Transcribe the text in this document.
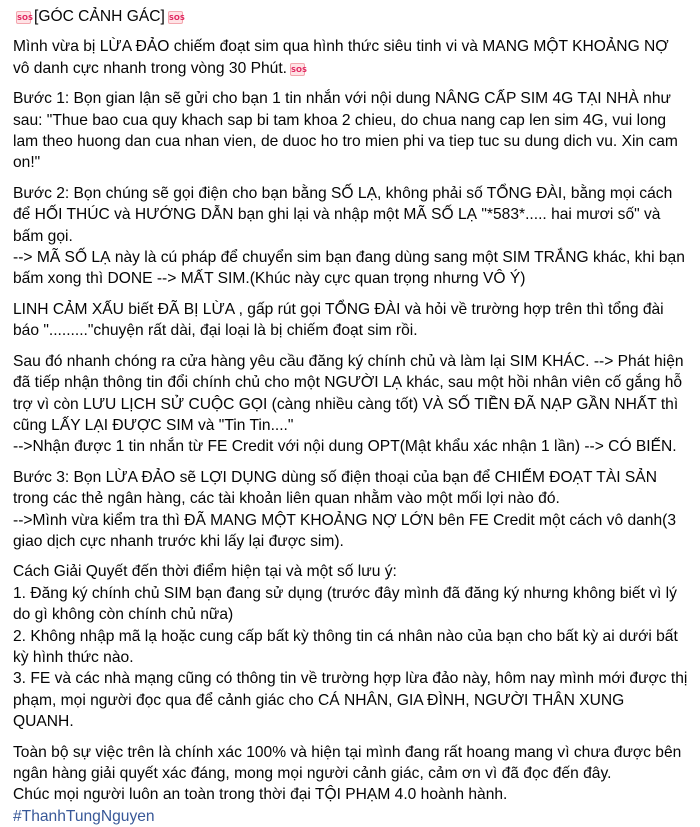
SOS[GÓC CẢNH GÁC] SOS

Mình vừa bị LỪA ĐẢO chiếm đoạt sim qua hình thức siêu tinh vi và MANG MỘT KHOẢNG NỢ vô danh cực nhanh trong vòng 30 Phút. SOS

Bước 1: Bọn gian lận sẽ gửi cho bạn 1 tin nhắn với nội dung NÂNG CẤP SIM 4G TẠI NHÀ như sau: "Thue bao cua quy khach sap bi tam khoa 2 chieu, do chua nang cap len sim 4G, vui long lam theo huong dan cua nhan vien, de duoc ho tro mien phi va tiep tuc su dung dich vu. Xin cam on!"

Bước 2: Bọn chúng sẽ gọi điện cho bạn bằng SỐ LẠ, không phải số TỔNG ĐÀI, bằng mọi cách để HỐI THÚC và HƯỚNG DẪN bạn ghi lại và nhập một MÃ SỐ LẠ "*583*..... hai mươi số" và bấm gọi.
--> MÃ SỐ LẠ này là cú pháp để chuyển sim bạn đang dùng sang một SIM TRẮNG khác, khi bạn bấm xong thì DONE --> MẤT SIM.(Khúc này cực quan trọng nhưng VÔ Ý)

LINH CẢM XẤU biết ĐÃ BỊ LỪA , gấp rút gọi TỔNG ĐÀI và hỏi về trường hợp trên thì tổng đài báo "........."chuyện rất dài, đại loại là bị chiếm đoạt sim rồi.

Sau đó nhanh chóng ra cửa hàng yêu cầu đăng ký chính chủ và làm lại SIM KHÁC. --> Phát hiện đã tiếp nhận thông tin đổi chính chủ cho một NGƯỜI LẠ khác, sau một hồi nhân viên cố gắng hỗ trợ vì còn LƯU LỊCH SỬ CUỘC GỌI (càng nhiều càng tốt) VÀ SỐ TIỀN ĐÃ NẠP GẦN NHẤT thì cũng LẤY LẠI ĐƯỢC SIM và "Tin Tin...."
-->Nhận được 1 tin nhắn từ FE Credit với nội dung OPT(Mật khẩu xác nhận 1 lần) --> CÓ BIẾN.

Bước 3: Bọn LỪA ĐẢO sẽ LỢI DỤNG dùng số điện thoại của bạn để CHIẾM ĐOẠT TÀI SẢN trong các thẻ ngân hàng, các tài khoản liên quan nhằm vào một mối lợi nào đó.
-->Mình vừa kiểm tra thì ĐÃ MANG MỘT KHOẢNG NỢ LỚN bên FE Credit một cách vô danh(3 giao dịch cực nhanh trước khi lấy lại được sim).

Cách Giải Quyết đến thời điểm hiện tại và một số lưu ý:
1. Đăng ký chính chủ SIM bạn đang sử dụng (trước đây mình đã đăng ký nhưng không biết vì lý do gì không còn chính chủ nữa)
2. Không nhập mã lạ hoặc cung cấp bất kỳ thông tin cá nhân nào của bạn cho bất kỳ ai dưới bất kỳ hình thức nào.
3. FE và các nhà mạng cũng có thông tin về trường hợp lừa đảo này, hôm nay mình mới được thị phạm, mọi người đọc qua để cảnh giác cho CÁ NHÂN, GIA ĐÌNH, NGƯỜI THÂN XUNG QUANH.

Toàn bộ sự việc trên là chính xác 100% và hiện tại mình đang rất hoang mang vì chưa được bên ngân hàng giải quyết xác đáng, mong mọi người cảnh giác, cảm ơn vì đã đọc đến đây.
Chúc mọi người luôn an toàn trong thời đại TỘI PHẠM 4.0 hoành hành.
#ThanhTungNguyen
